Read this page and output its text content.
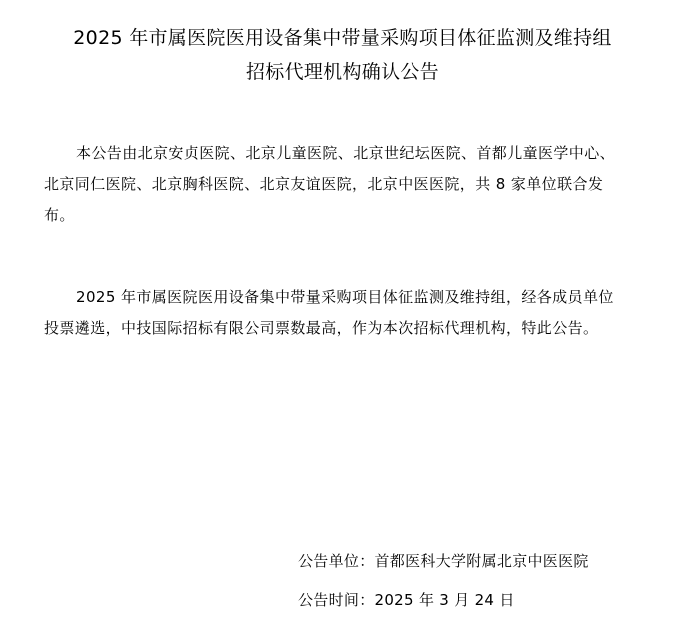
2025 年市属医院医用设备集中带量采购项目体征监测及维持组
招标代理机构确认公告

本公告由北京安贞医院、北京儿童医院、北京世纪坛医院、首都儿童医学中心、北京同仁医院、北京胸科医院、北京友谊医院，北京中医医院，共 8 家单位联合发布。

2025 年市属医院医用设备集中带量采购项目体征监测及维持组，经各成员单位投票遴选，中技国际招标有限公司票数最高，作为本次招标代理机构，特此公告。

公告单位：首都医科大学附属北京中医医院
公告时间：2025 年 3 月 24 日
